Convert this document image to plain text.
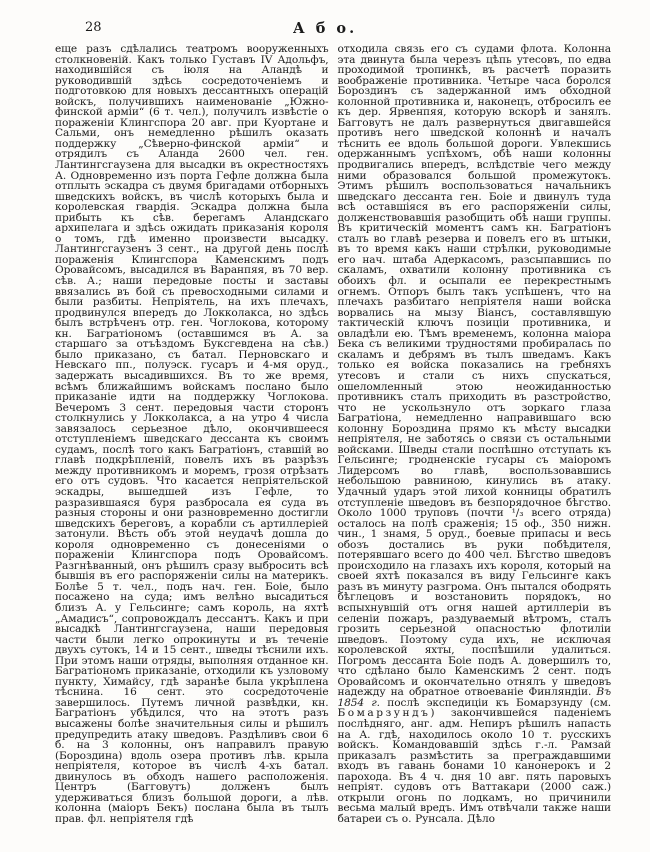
28	А б о.

еще разъ сдѣлались театромъ вооруженныхъ столкновеній. Какъ только Густавъ IV Адольфъ, находившійся съ іюля на Аландѣ и руководившій здѣсь сосредоточеніемъ и подготовкою для новыхъ дессантныхъ операцій войскъ, получившихъ наименованіе „Южно-финской арміи“ (6 т. чел.), получилъ извѣстіе о пораженіи Клингспора 20 авг. при Куортане и Сальми, онъ немедленно рѣшилъ оказать поддержку „Сѣверно-финской арміи“ и отрядилъ съ Аланда 2600 чел. ген. Лантингсгаузена для высадки въ окрестностяхъ А. Одновременно изъ порта Гефле должна была отплыть эскадра съ двумя бригадами отборныхъ шведскихъ войскъ, въ числѣ которыхъ была и королевская гвардія. Эскадра должна была прибыть къ сѣв. берегамъ Аландскаго архипелага и здѣсь ожидать приказанія короля о томъ, гдѣ именно произвести высадку. Лантингсгаузенъ 3 сент., на другой день послѣ пораженія Клингспора Каменскимъ подъ Оровайсомъ, высадился въ Варанпяя, въ 70 вер. сѣв. А.; наши передовые посты и заставы ввязались въ бой съ превосходными силами и были разбиты. Непріятель, на ихъ плечахъ, продвинулся впередъ до Локколакса, но здѣсь былъ встрѣченъ отр. ген. Чоглокова, которому кн. Багратіономъ (оставшимся въ А. за старшаго за отъѣздомъ Буксгевдена на сѣв.) было приказано, съ батал. Перновскаго и Невскаго пп., полуэск. гусаръ и 4-мя оруд., задержать высадившихся. Въ то же время, всѣмъ ближайшимъ войскамъ послано было приказаніе идти на поддержку Чоглокова. Вечеромъ 3 сент. передовыя части сторонъ столкнулись у Локколакса, а на утро 4 числа завязалось серьезное дѣло, окончившееся отступленіемъ шведскаго дессанта къ своимъ судамъ, послѣ того какъ Багратіонъ, ставшій во главѣ подкрѣпленій, повелъ ихъ въ разрѣзъ между противникомъ и моремъ, грозя отрѣзать его отъ судовъ. Что касается непріятельской эскадры, вышедшей изъ Гефле, то разразившаяся буря разбросала ея суда въ разныя стороны и они разновременно достигли шведскихъ береговъ, а корабли съ артиллеріей затонули. Вѣсть объ этой неудачѣ дошла до короля одновременно съ донесеніями о пораженіи Клингспора подъ Оровайсомъ. Разгнѣванный, онъ рѣшилъ сразу выбросить всѣ бывшія въ его распоряженіи силы на материкъ. Болѣе 5 т. чел., подъ нач. ген. Боіе, было посажено на суда; имъ велѣно высадиться близъ А. у Гельсинге; самъ король, на яхтѣ „Амадисъ“, сопровождалъ дессантъ. Какъ и при высадкѣ Лантингсгаузена, наши передовыя части были легко опрокинуты и въ теченіе двухъ сутокъ, 14 и 15 сент., шведы тѣснили ихъ. При этомъ наши отряды, выполняя отданное кн. Багратіономъ приказаніе, отходили къ узловому пункту, Химайсу, гдѣ заранѣе была укрѣплена тѣснина. 16 сент. это сосредоточеніе завершилось. Путемъ личной развѣдки, кн. Багратіонъ убѣдился, что на этотъ разъ высажены болѣе значительныя силы и рѣшилъ предупредить атаку шведовъ. Раздѣливъ свои 6 б. на 3 колонны, онъ направилъ правую (Бороздина) вдоль озера противъ лѣв. крыла непріятеля, которое въ числѣ 4-хъ батал. двинулось въ обходъ нашего расположенія. Центръ (Багговутъ) долженъ былъ удерживаться близъ большой дороги, а лѣв. колонна (маіоръ Бекъ) послана была въ тылъ прав. фл. непріятеля гдѣ

отходила связь его съ судами флота. Колонна эта двинута была черезъ цѣпь утесовъ, по едва проходимой тропинкѣ, въ расчетѣ поразить воображеніе противника. Четыре часа боролся Бороздинъ съ задержанной имъ обходной колонной противника и, наконецъ, отбросилъ ее къ дер. Ярвенпяя, которую вскорѣ и занялъ. Багговутъ не далъ развернуться двигавшейся противъ него шведской колоннѣ и началъ тѣснить ее вдоль большой дороги. Увлекшись одержаннымъ успѣхомъ, обѣ наши колонны продвигались впередъ, вслѣдствіе чего между ними образовался большой промежутокъ. Этимъ рѣшилъ воспользоваться начальникъ шведскаго дессанта ген. Боіе и двинулъ туда всѣ оставшіяся въ его распоряженіи силы, долженствовавшія разобщить обѣ наши группы. Въ критическій моментъ самъ кн. Багратіонъ сталъ во главѣ резерва и повелъ его въ штыки, въ то время какъ наши стрѣлки, руководимые его нач. штаба Адеркасомъ, разсыпавшись по скаламъ, охватили колонну противника съ обоихъ фл. и осыпали ее перекрестнымъ огнемъ. Отпоръ былъ такъ успѣшенъ, что на плечахъ разбитаго непріятеля наши войска ворвались на мызу Віансъ, составлявшую тактическій ключъ позиціи противника, и овладѣли ею. Тѣмъ временемъ, колонна маіора Бека съ великими трудностями пробиралась по скаламъ и дебрямъ въ тылъ шведамъ. Какъ только ея войска показались на гребняхъ утесовъ и стали съ нихъ спускаться, ошеломленный этою неожиданностью противникъ сталъ приходить въ разстройство, что не ускользнуло отъ зоркаго глаза Багратіона, немедленно направившаго всю колонну Бороздина прямо къ мѣсту высадки непріятеля, не заботясь о связи съ остальными войсками. Шведы стали поспѣшно отступать къ Гельсинге; гродненскіе гусары съ маіоромъ Лидерсомъ во главѣ, воспользовавшись небольшою равниною, кинулись въ атаку. Удачный ударъ этой лихой конницы обратилъ отступленіе шведовъ въ безпорядочное бѣгство. Около 1000 труповъ (почти ¹/₃ всего отряда) осталось на полѣ сраженія; 15 оф., 350 нижн. чин., 1 знамя, 5 оруд., боевые припасы и весь обозъ достались въ руки побѣдителя, потерявшаго всего до 400 чел. Бѣгство шведовъ происходило на глазахъ ихъ короля, который на своей яхтѣ показался въ виду Гельсинге какъ разъ въ минуту разгрома. Онъ пытался ободрять бѣглецовъ и возстановить порядокъ, но вспыхнувшій отъ огня нашей артиллеріи въ селеніи пожаръ, раздуваемый вѣтромъ, сталъ грозить серьезной опасностью флотиліи шведовъ. Поэтому суда ихъ, не исключая королевской яхты, поспѣшили удалиться. Погромъ дессанта Боіе подъ А. довершилъ то, что сдѣлано было Каменскимъ 2 сент. подъ Оровайсомъ и окончательно отнялъ у шведовъ надежду на обратное отвоеваніе Финляндіи. Въ 1854 г. послѣ экспедиціи къ Бомарзунду (см. Бомарзундъ) закончившейся паденіемъ послѣдняго, анг. адм. Непиръ рѣшилъ напасть на А. гдѣ, находилось около 10 т. русскихъ войскъ. Командовавшій здѣсь г.-л. Рамзай приказалъ размѣстить за преграждавшими входъ въ гавань бонами 10 канонерокъ и 2 парохода. Въ 4 ч. дня 10 авг. пять паровыхъ непріят. судовъ отъ Ваттакари (2000 саж.) открыли огонь по лодкамъ, но причинили весьма малый вредъ. Имъ отвѣчали также наши батареи съ о. Рунсала. Дѣло
